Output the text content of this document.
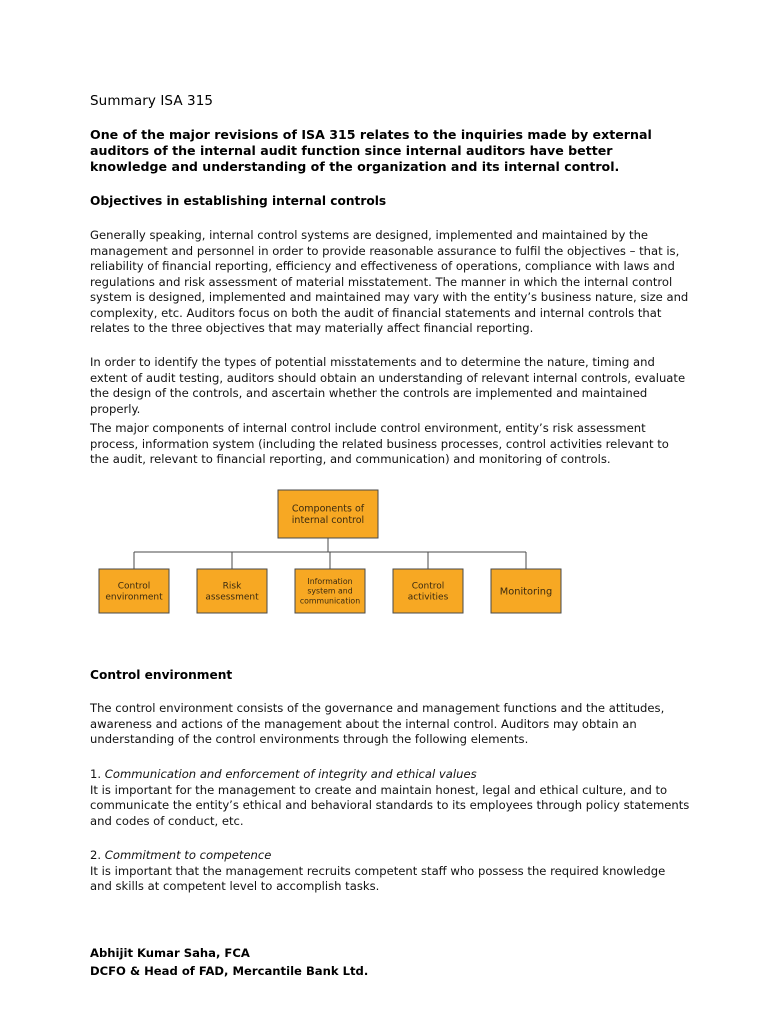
Summary ISA 315

One of the major revisions of ISA 315 relates to the inquiries made by external auditors of the internal audit function since internal auditors have better knowledge and understanding of the organization and its internal control.

Objectives in establishing internal controls

Generally speaking, internal control systems are designed, implemented and maintained by the management and personnel in order to provide reasonable assurance to fulfil the objectives – that is, reliability of financial reporting, efficiency and effectiveness of operations, compliance with laws and regulations and risk assessment of material misstatement. The manner in which the internal control system is designed, implemented and maintained may vary with the entity’s business nature, size and complexity, etc. Auditors focus on both the audit of financial statements and internal controls that relates to the three objectives that may materially affect financial reporting.

In order to identify the types of potential misstatements and to determine the nature, timing and extent of audit testing, auditors should obtain an understanding of relevant internal controls, evaluate the design of the controls, and ascertain whether the controls are implemented and maintained properly.

The major components of internal control include control environment, entity’s risk assessment process, information system (including the related business processes, control activities relevant to the audit, relevant to financial reporting, and communication) and monitoring of controls.

Components of
internal control
Control
environment
Risk
assessment
Information
system and
communication
Control
activities
Monitoring
Control environment

The control environment consists of the governance and management functions and the attitudes, awareness and actions of the management about the internal control. Auditors may obtain an understanding of the control environments through the following elements.

1. Communication and enforcement of integrity and ethical values
It is important for the management to create and maintain honest, legal and ethical culture, and to communicate the entity’s ethical and behavioral standards to its employees through policy statements and codes of conduct, etc.
2. Commitment to competence
It is important that the management recruits competent staff who possess the required knowledge and skills at competent level to accomplish tasks.
Abhijit Kumar Saha, FCA
DCFO & Head of FAD, Mercantile Bank Ltd.
